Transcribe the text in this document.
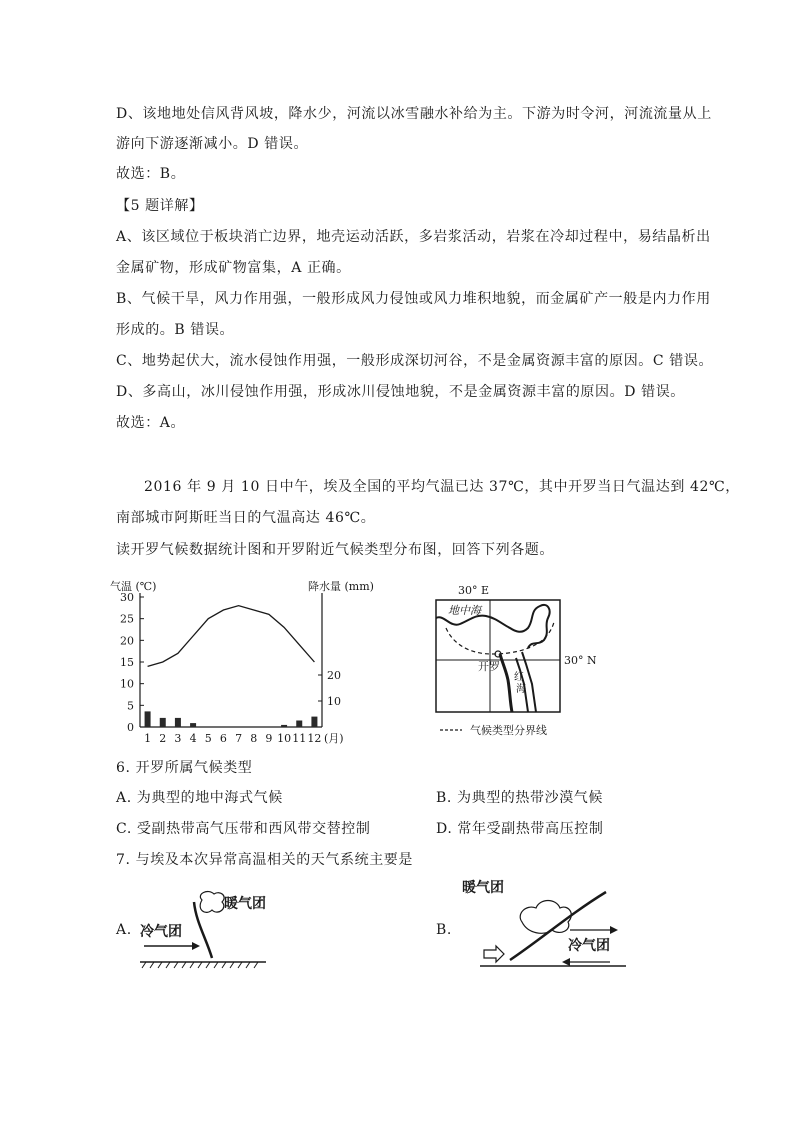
D、该地地处信风背风坡，降水少，河流以冰雪融水补给为主。下游为时令河，河流流量从上
游向下游逐渐减小。D 错误。
故选：B。
【5 题详解】
A、该区域位于板块消亡边界，地壳运动活跃，多岩浆活动，岩浆在冷却过程中，易结晶析出
金属矿物，形成矿物富集，A 正确。
B、气候干旱，风力作用强，一般形成风力侵蚀或风力堆积地貌，而金属矿产一般是内力作用
形成的。B 错误。
C、地势起伏大，流水侵蚀作用强，一般形成深切河谷，不是金属资源丰富的原因。C 错误。
D、多高山，冰川侵蚀作用强，形成冰川侵蚀地貌，不是金属资源丰富的原因。D 错误。
故选：A。
2016 年 9 月 10 日中午，埃及全国的平均气温已达 37℃，其中开罗当日气温达到 42℃，
南部城市阿斯旺当日的气温高达 46℃。
读开罗气候数据统计图和开罗附近气候类型分布图，回答下列各题。
0
5
10
15
20
25
30
10
20
1 2 3 4 5 6 7 8 9 10 11 12 (月)
气温 (℃)	降水量 (mm)	30° E
地中海
开罗
红
海
30° N
气候类型分界线
6. 开罗所属气候类型
A. 为典型的地中海式气候	B. 为典型的热带沙漠气候
C. 受副热带高气压带和西风带交替控制	D. 常年受副热带高压控制
7. 与埃及本次异常高温相关的天气系统主要是
A.	B.
暖气团
冷气团
暖气团
冷气团
